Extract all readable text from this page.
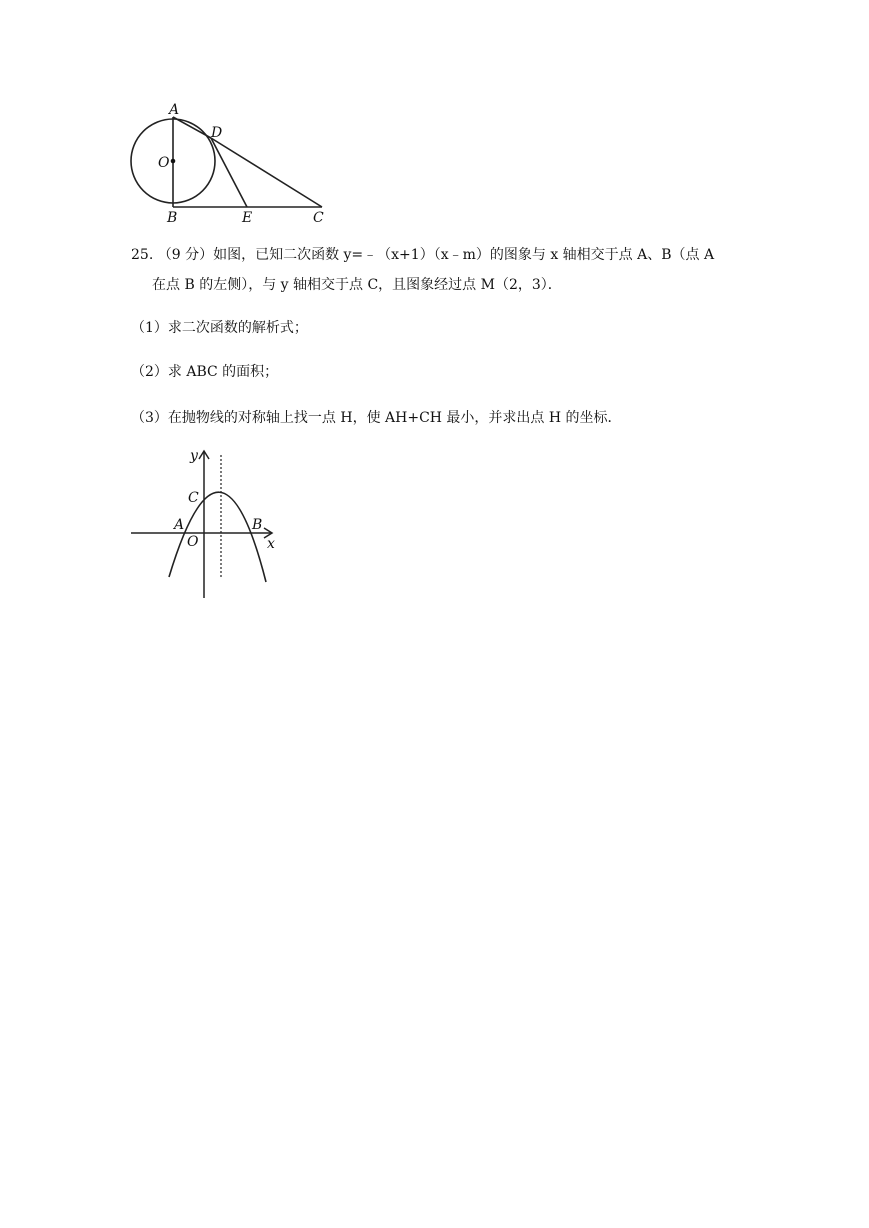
A
D
O
B	E	C
25. （9 分）如图，已知二次函数 y=﹣（x+1）（x﹣m）的图象与 x 轴相交于点 A、B（点 A
在点 B 的左侧），与 y 轴相交于点 C，且图象经过点 M（2，3）．
（1）求二次函数的解析式；
（2）求 ABC 的面积；
（3）在抛物线的对称轴上找一点 H，使 AH+CH 最小，并求出点 H 的坐标．
y
x
C
A	B
O
